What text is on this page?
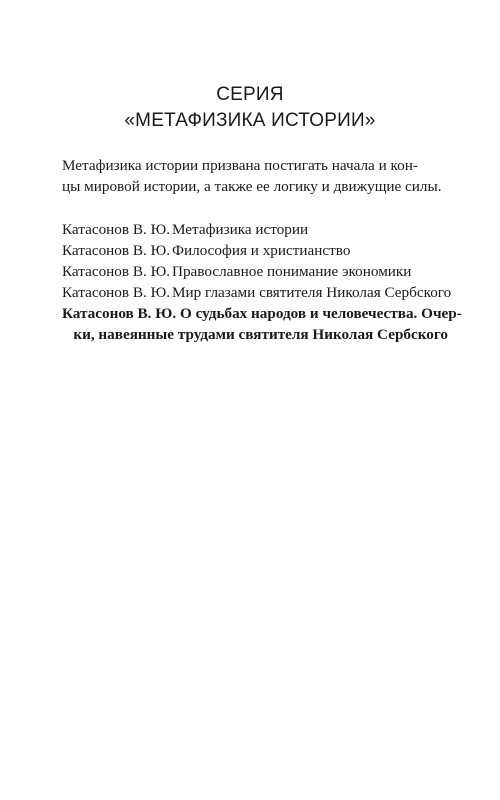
СЕРИЯ
«МЕТАФИЗИКА ИСТОРИИ»
Метафизика истории призвана постигать начала и кон-
цы мировой истории, а также ее логику и движущие силы.
Катасонов В. Ю. Метафизика истории
Катасонов В. Ю. Философия и христианство
Катасонов В. Ю. Православное понимание экономики
Катасонов В. Ю. Мир глазами святителя Николая Сербского
Катасонов В. Ю. О судьбах народов и человечества. Очер-
ки, навеянные трудами святителя Николая Сербского
